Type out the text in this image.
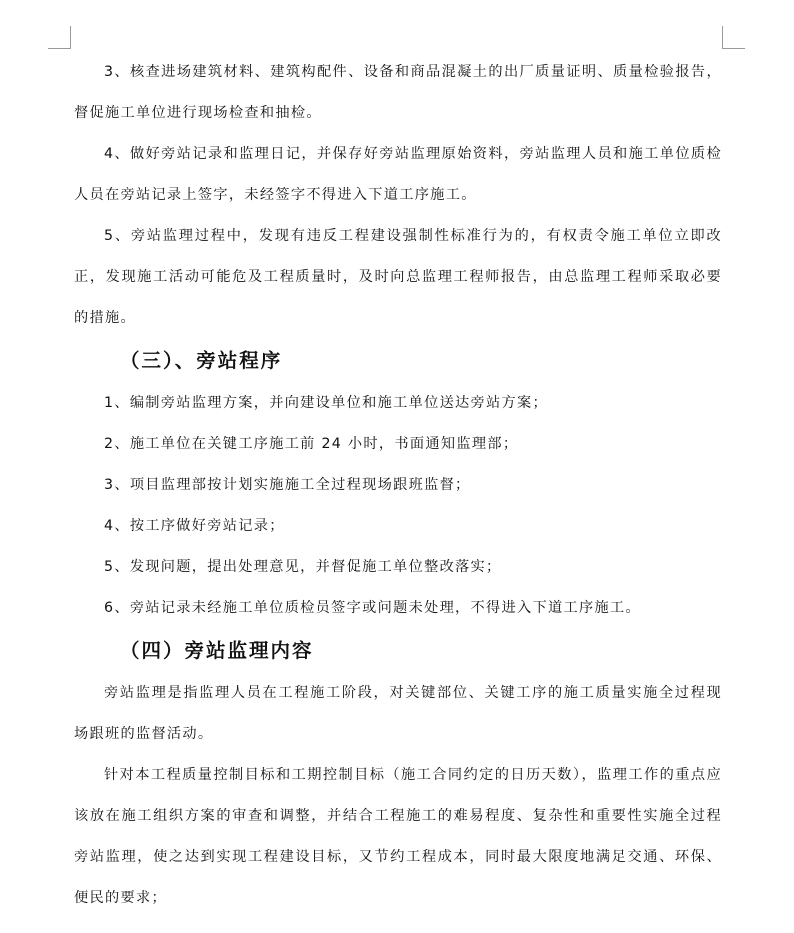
3、核查进场建筑材料、建筑构配件、设备和商品混凝土的出厂质量证明、质量检验报告，督促施工单位进行现场检查和抽检。

4、做好旁站记录和监理日记，并保存好旁站监理原始资料，旁站监理人员和施工单位质检人员在旁站记录上签字，未经签字不得进入下道工序施工。

5、旁站监理过程中，发现有违反工程建设强制性标准行为的，有权责令施工单位立即改正，发现施工活动可能危及工程质量时，及时向总监理工程师报告，由总监理工程师采取必要的措施。

（三）、旁站程序

1、编制旁站监理方案，并向建设单位和施工单位送达旁站方案；

2、施工单位在关键工序施工前 24 小时，书面通知监理部；

3、项目监理部按计划实施施工全过程现场跟班监督；

4、按工序做好旁站记录；

5、发现问题，提出处理意见，并督促施工单位整改落实；

6、旁站记录未经施工单位质检员签字或问题未处理，不得进入下道工序施工。

（四）旁站监理内容

旁站监理是指监理人员在工程施工阶段，对关键部位、关键工序的施工质量实施全过程现场跟班的监督活动。

针对本工程质量控制目标和工期控制目标（施工合同约定的日历天数），监理工作的重点应该放在施工组织方案的审查和调整，并结合工程施工的难易程度、复杂性和重要性实施全过程旁站监理，使之达到实现工程建设目标，又节约工程成本，同时最大限度地满足交通、环保、便民的要求；
